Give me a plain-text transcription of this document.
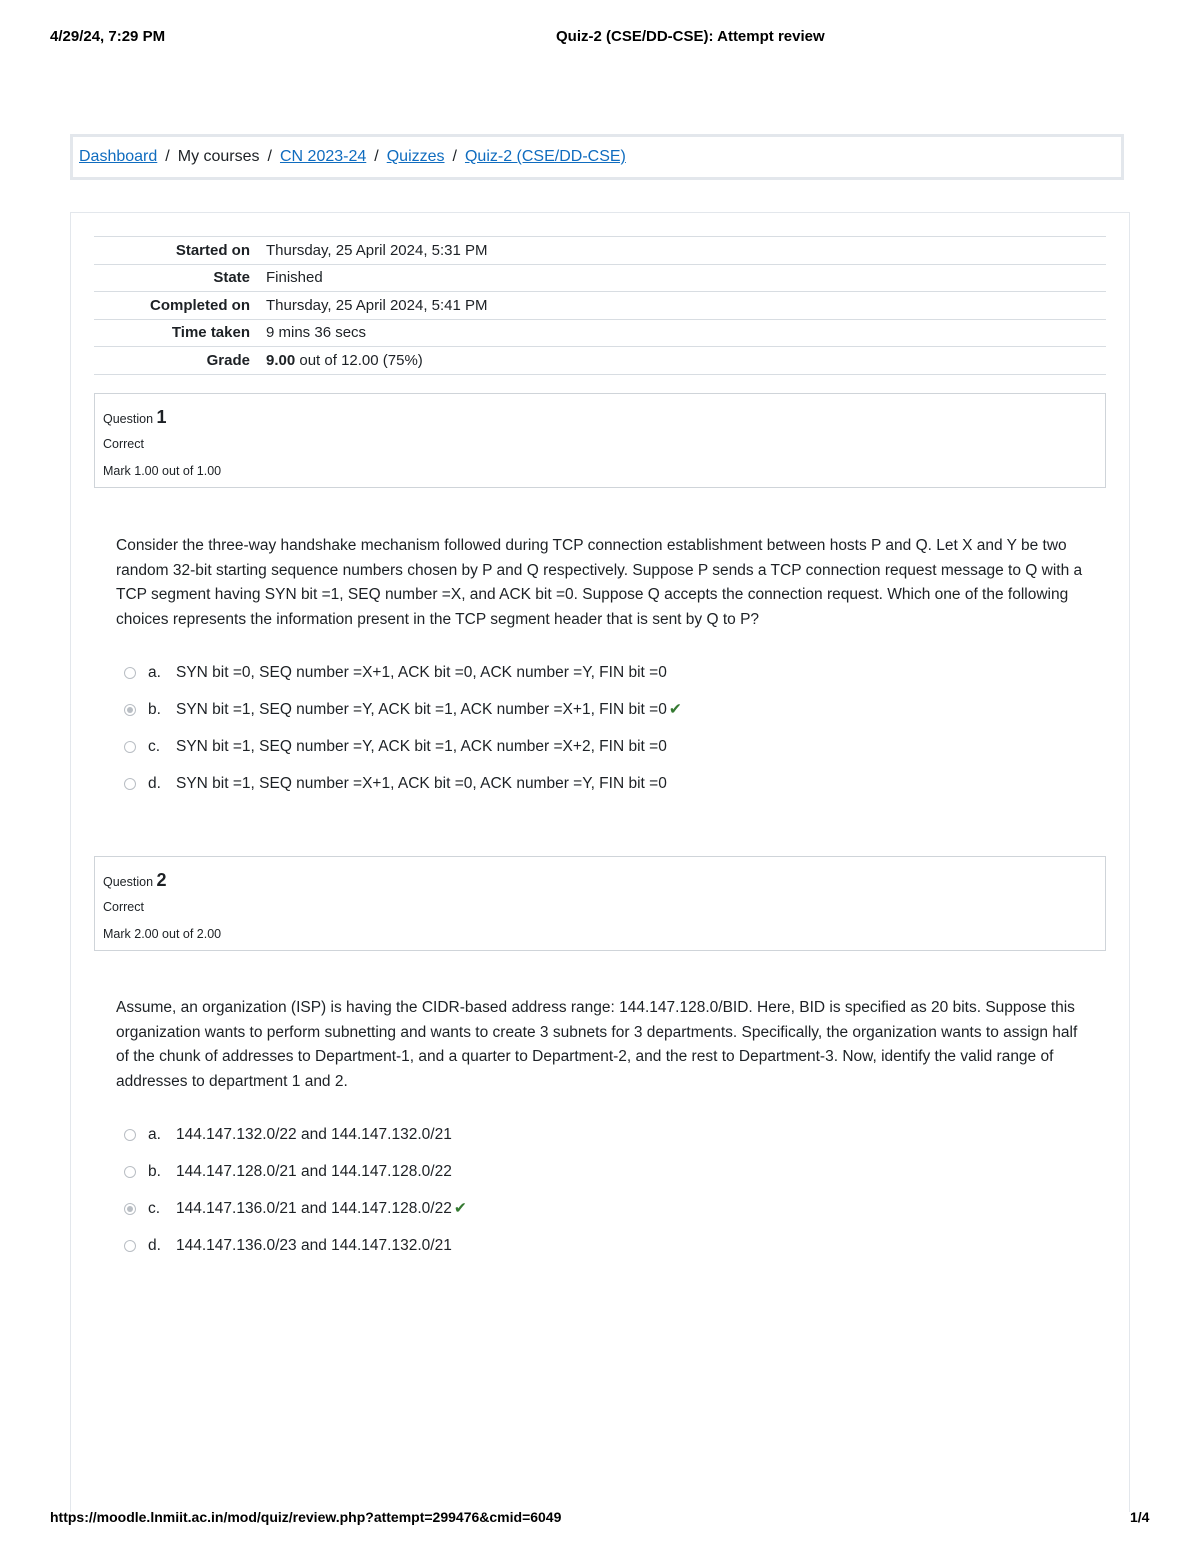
4/29/24, 7:29 PM	Quiz-2 (CSE/DD-CSE): Attempt review
Dashboard / My courses / CN 2023-24 / Quizzes / Quiz-2 (CSE/DD-CSE)
Started on	Thursday, 25 April 2024, 5:31 PM
State	Finished
Completed on	Thursday, 25 April 2024, 5:41 PM
Time taken	9 mins 36 secs
Grade	9.00 out of 12.00 (75%)
Question 1
Correct
Mark 1.00 out of 1.00
Consider the three-way handshake mechanism followed during TCP connection establishment between hosts P and Q. Let X and Y be two random 32-bit starting sequence numbers chosen by P and Q respectively. Suppose P sends a TCP connection request message to Q with a TCP segment having SYN bit =1, SEQ number =X, and ACK bit =0. Suppose Q accepts the connection request. Which one of the following choices represents the information present in the TCP segment header that is sent by Q to P?
a. SYN bit =0, SEQ number =X+1, ACK bit =0, ACK number =Y, FIN bit =0
b. SYN bit =1, SEQ number =Y, ACK bit =1, ACK number =X+1, FIN bit =0 ✔
c.	SYN bit =1, SEQ number =Y, ACK bit =1, ACK number =X+2, FIN bit =0
d. SYN bit =1, SEQ number =X+1, ACK bit =0, ACK number =Y, FIN bit =0
Question 2
Correct
Mark 2.00 out of 2.00
Assume, an organization (ISP) is having the CIDR-based address range: 144.147.128.0/BID. Here, BID is specified as 20 bits. Suppose this organization wants to perform subnetting and wants to create 3 subnets for 3 departments. Specifically, the organization wants to assign half of the chunk of addresses to Department-1, and a quarter to Department-2, and the rest to Department-3. Now, identify the valid range of addresses to department 1 and 2.
a. 144.147.132.0/22 and 144.147.132.0/21
b. 144.147.128.0/21 and 144.147.128.0/22
c.	144.147.136.0/21 and 144.147.128.0/22 ✔
d. 144.147.136.0/23 and 144.147.132.0/21
https://moodle.lnmiit.ac.in/mod/quiz/review.php?attempt=299476&cmid=6049	1/4
